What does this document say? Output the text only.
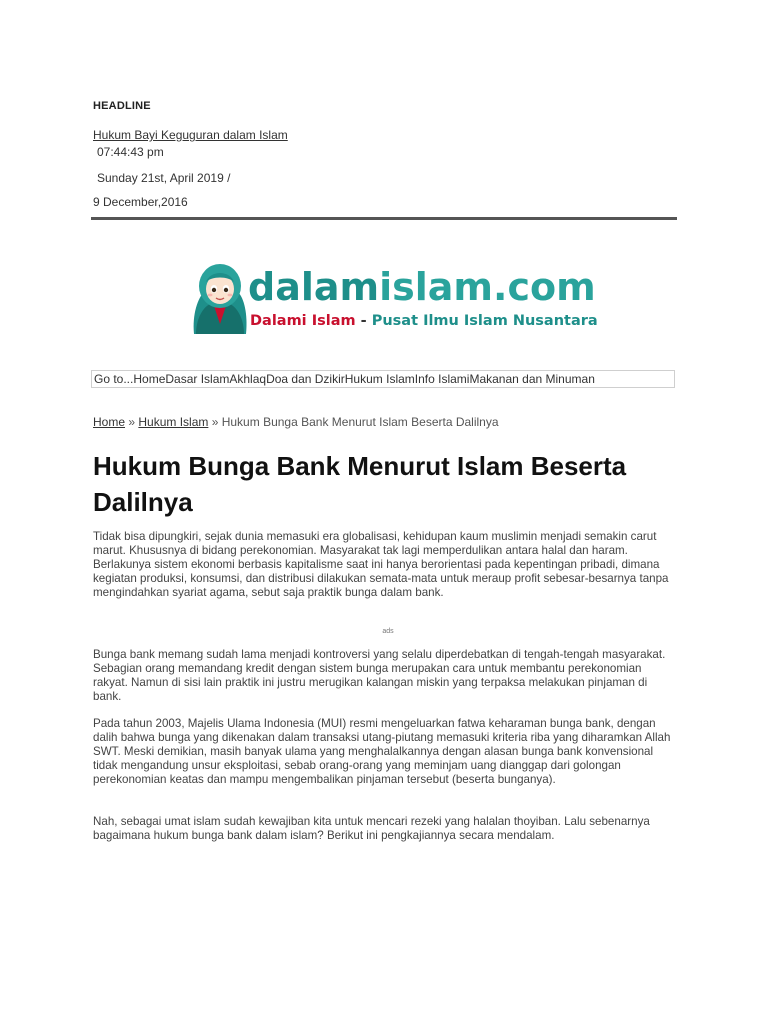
HEADLINE
Hukum Bayi Keguguran dalam Islam
07:44:43 pm
Sunday 21st, April 2019 /
9 December,2016
dalamislam.com
Dalami Islam - Pusat Ilmu Islam Nusantara
Go to...HomeDasar IslamAkhlaqDoa dan DzikirHukum IslamInfo IslamiMakanan dan Minuman
Home » Hukum Islam » Hukum Bunga Bank Menurut Islam Beserta Dalilnya
Hukum Bunga Bank Menurut Islam Beserta Dalilnya

Tidak bisa dipungkiri, sejak dunia memasuki era globalisasi, kehidupan kaum muslimin menjadi semakin carut marut. Khususnya di bidang perekonomian. Masyarakat tak lagi memperdulikan antara halal dan haram. Berlakunya sistem ekonomi berbasis kapitalisme saat ini hanya berorientasi pada kepentingan pribadi, dimana kegiatan produksi, konsumsi, dan distribusi dilakukan semata-mata untuk meraup profit sebesar-besarnya tanpa mengindahkan syariat agama, sebut saja praktik bunga dalam bank.

ads

Bunga bank memang sudah lama menjadi kontroversi yang selalu diperdebatkan di tengah-tengah masyarakat. Sebagian orang memandang kredit dengan sistem bunga merupakan cara untuk membantu perekonomian rakyat. Namun di sisi lain praktik ini justru merugikan kalangan miskin yang terpaksa melakukan pinjaman di bank.

Pada tahun 2003, Majelis Ulama Indonesia (MUI) resmi mengeluarkan fatwa keharaman bunga bank, dengan dalih bahwa bunga yang dikenakan dalam transaksi utang-piutang memasuki kriteria riba yang diharamkan Allah SWT. Meski demikian, masih banyak ulama yang menghalalkannya dengan alasan bunga bank konvensional tidak mengandung unsur eksploitasi, sebab orang-orang yang meminjam uang dianggap dari golongan perekonomian keatas dan mampu mengembalikan pinjaman tersebut (beserta bunganya).

Nah, sebagai umat islam sudah kewajiban kita untuk mencari rezeki yang halalan thoyiban. Lalu sebenarnya bagaimana hukum bunga bank dalam islam? Berikut ini pengkajiannya secara mendalam.
